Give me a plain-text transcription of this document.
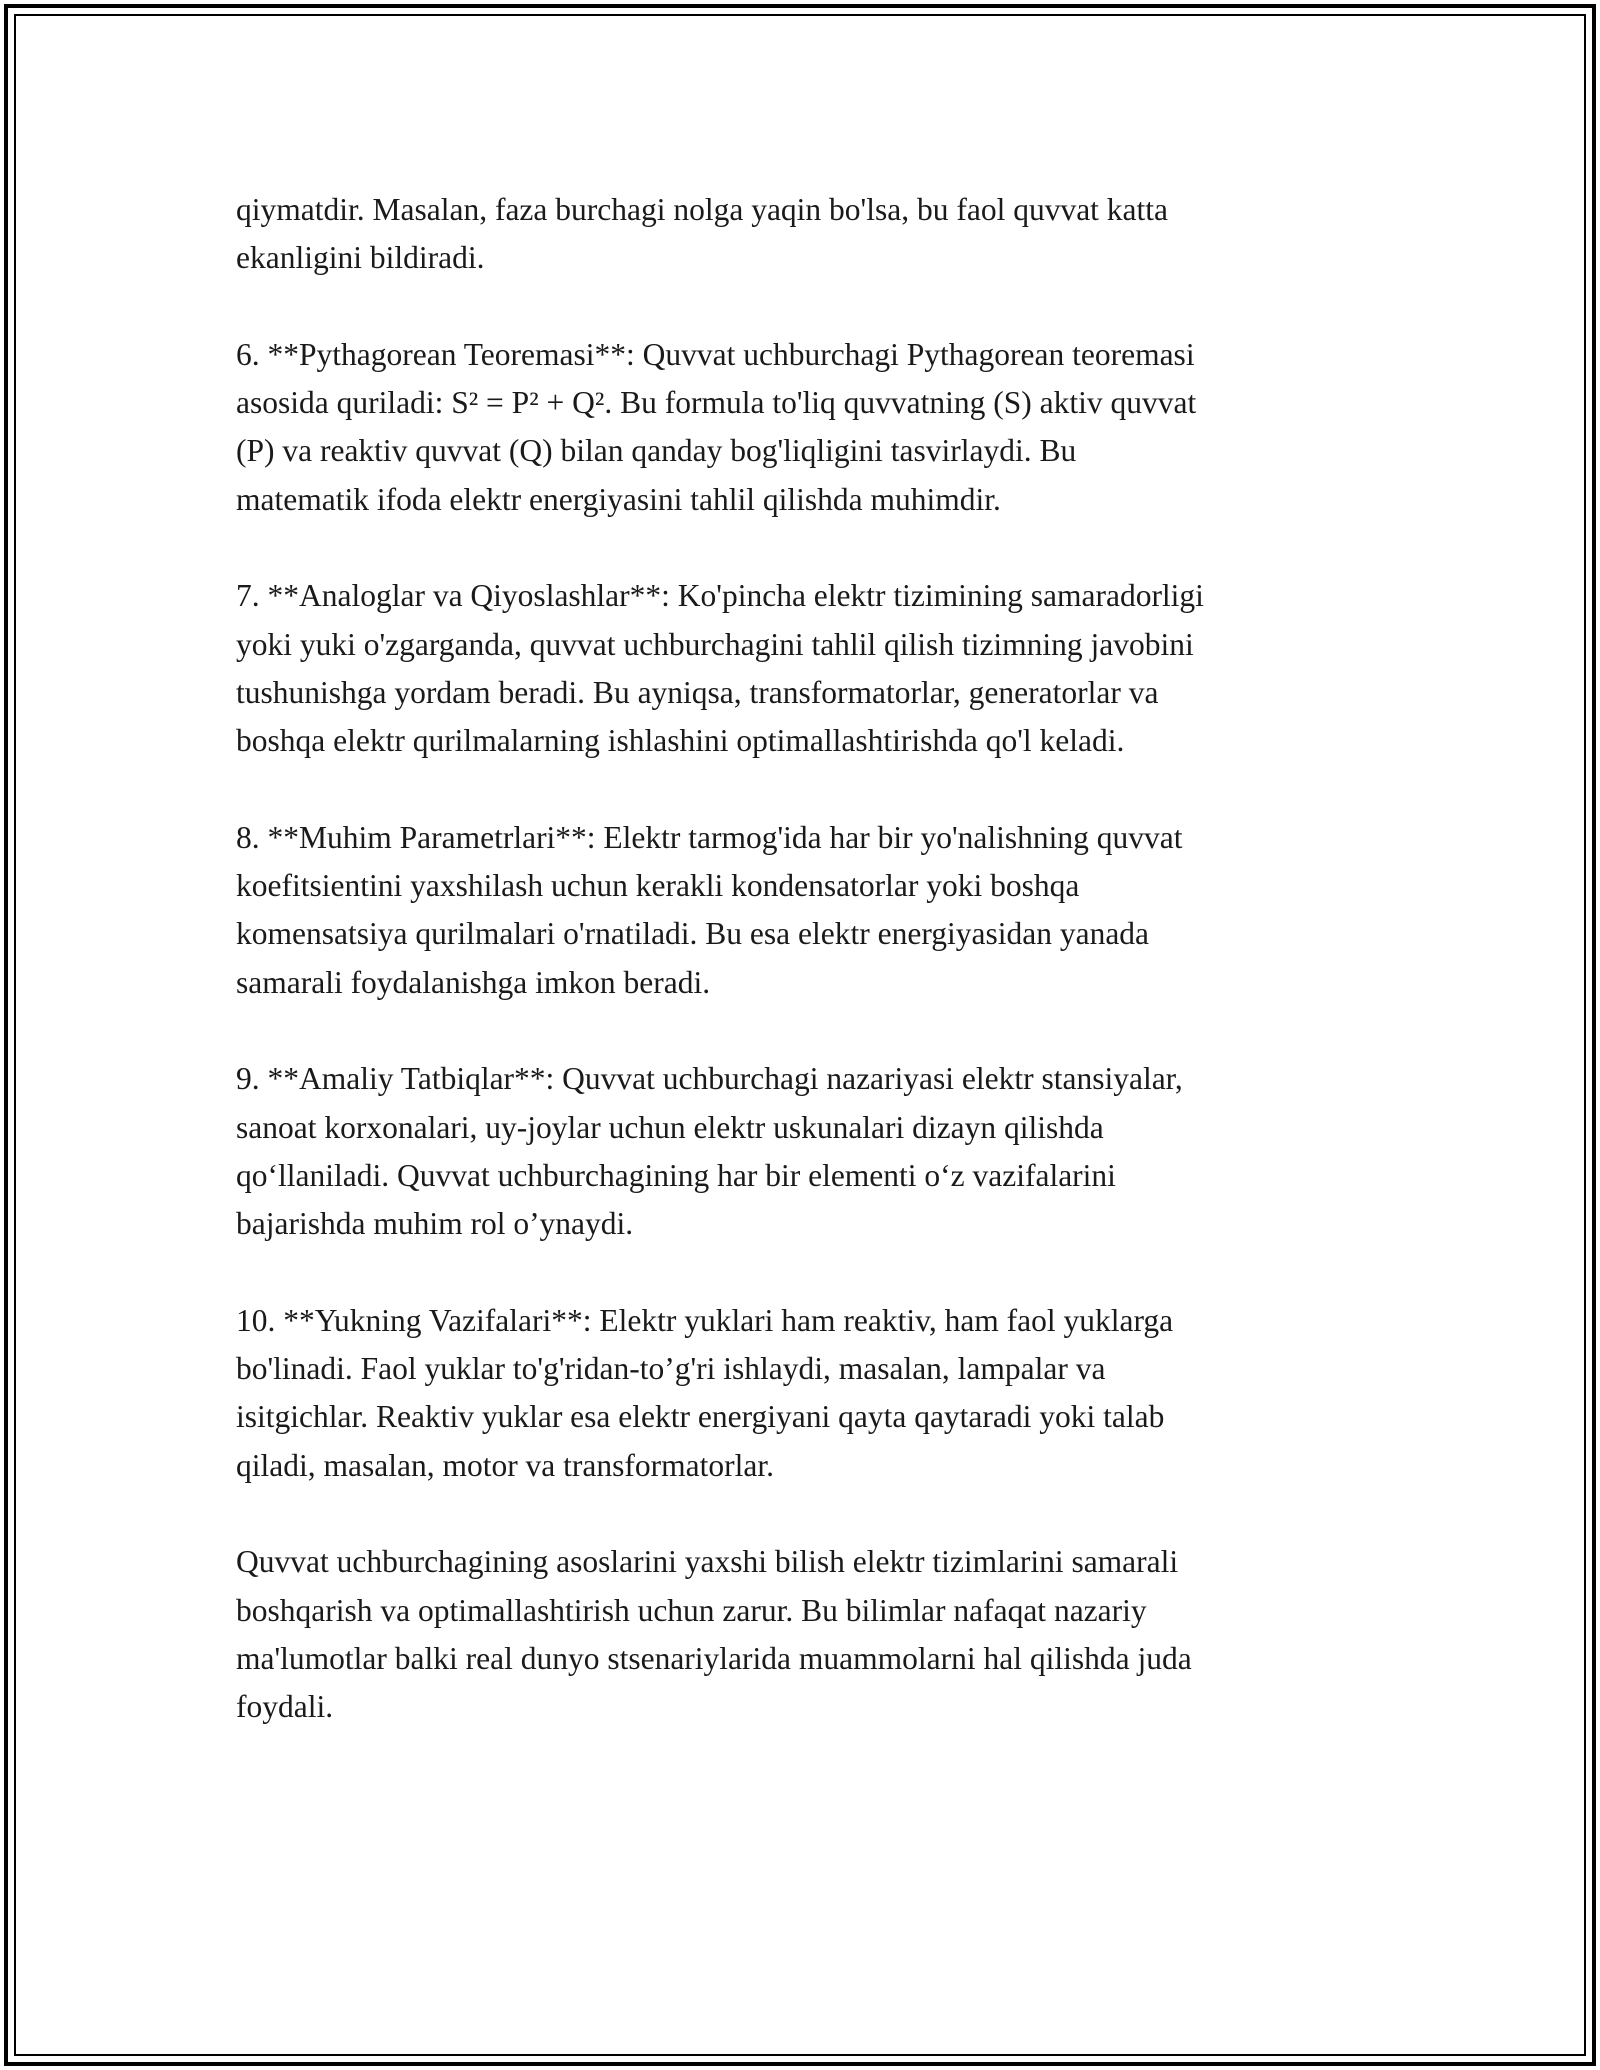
qiymatdir. Masalan, faza burchagi nolga yaqin bo'lsa, bu faol quvvat katta
ekanligini bildiradi.

6. **Pythagorean Teoremasi**: Quvvat uchburchagi Pythagorean teoremasi
asosida quriladi: S² = P² + Q². Bu formula to'liq quvvatning (S) aktiv quvvat
(P) va reaktiv quvvat (Q) bilan qanday bog'liqligini tasvirlaydi. Bu
matematik ifoda elektr energiyasini tahlil qilishda muhimdir.

7. **Analoglar va Qiyoslashlar**: Ko'pincha elektr tizimining samaradorligi
yoki yuki o'zgarganda, quvvat uchburchagini tahlil qilish tizimning javobini
tushunishga yordam beradi. Bu ayniqsa, transformatorlar, generatorlar va
boshqa elektr qurilmalarning ishlashini optimallashtirishda qo'l keladi.

8. **Muhim Parametrlari**: Elektr tarmog'ida har bir yo'nalishning quvvat
koefitsientini yaxshilash uchun kerakli kondensatorlar yoki boshqa
komensatsiya qurilmalari o'rnatiladi. Bu esa elektr energiyasidan yanada
samarali foydalanishga imkon beradi.

9. **Amaliy Tatbiqlar**: Quvvat uchburchagi nazariyasi elektr stansiyalar,
sanoat korxonalari, uy-joylar uchun elektr uskunalari dizayn qilishda
qo‘llaniladi. Quvvat uchburchagining har bir elementi o‘z vazifalarini
bajarishda muhim rol o’ynaydi.

10. **Yukning Vazifalari**: Elektr yuklari ham reaktiv, ham faol yuklarga
bo'linadi. Faol yuklar to'g'ridan-to’g'ri ishlaydi, masalan, lampalar va
isitgichlar. Reaktiv yuklar esa elektr energiyani qayta qaytaradi yoki talab
qiladi, masalan, motor va transformatorlar.

Quvvat uchburchagining asoslarini yaxshi bilish elektr tizimlarini samarali
boshqarish va optimallashtirish uchun zarur. Bu bilimlar nafaqat nazariy
ma'lumotlar balki real dunyo stsenariylarida muammolarni hal qilishda juda
foydali.
